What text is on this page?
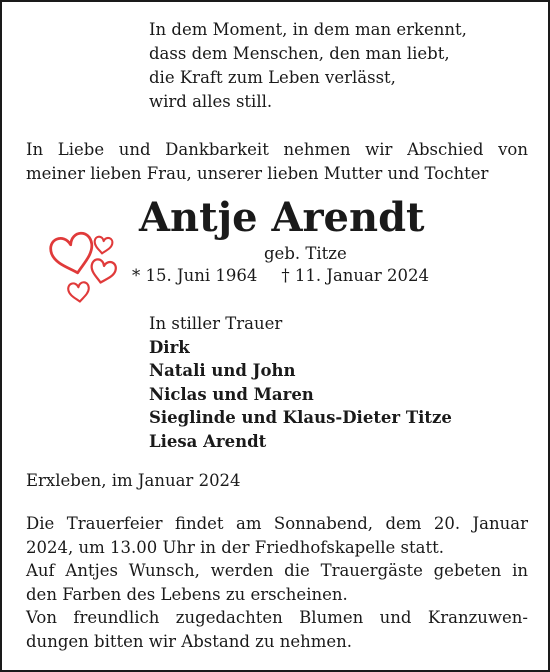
In dem Moment, in dem man erkennt,
dass dem Menschen, den man liebt,
die Kraft zum Leben verlässt,
wird alles still.
In Liebe und Dankbarkeit nehmen wir Abschied von
meiner lieben Frau, unserer lieben Mutter und Tochter
Antje Arendt
geb. Titze
* 15. Juni 1964 † 11. Januar 2024
In stiller Trauer
Dirk
Natali und John
Niclas und Maren
Sieglinde und Klaus-Dieter Titze
Liesa Arendt
Erxleben, im Januar 2024
Die Trauerfeier findet am Sonnabend, dem 20. Januar
2024, um 13.00 Uhr in der Friedhofskapelle statt.
Auf Antjes Wunsch, werden die Trauergäste gebeten in
den Farben des Lebens zu erscheinen.
Von freundlich zugedachten Blumen und Kranzuwen-
dungen bitten wir Abstand zu nehmen.
